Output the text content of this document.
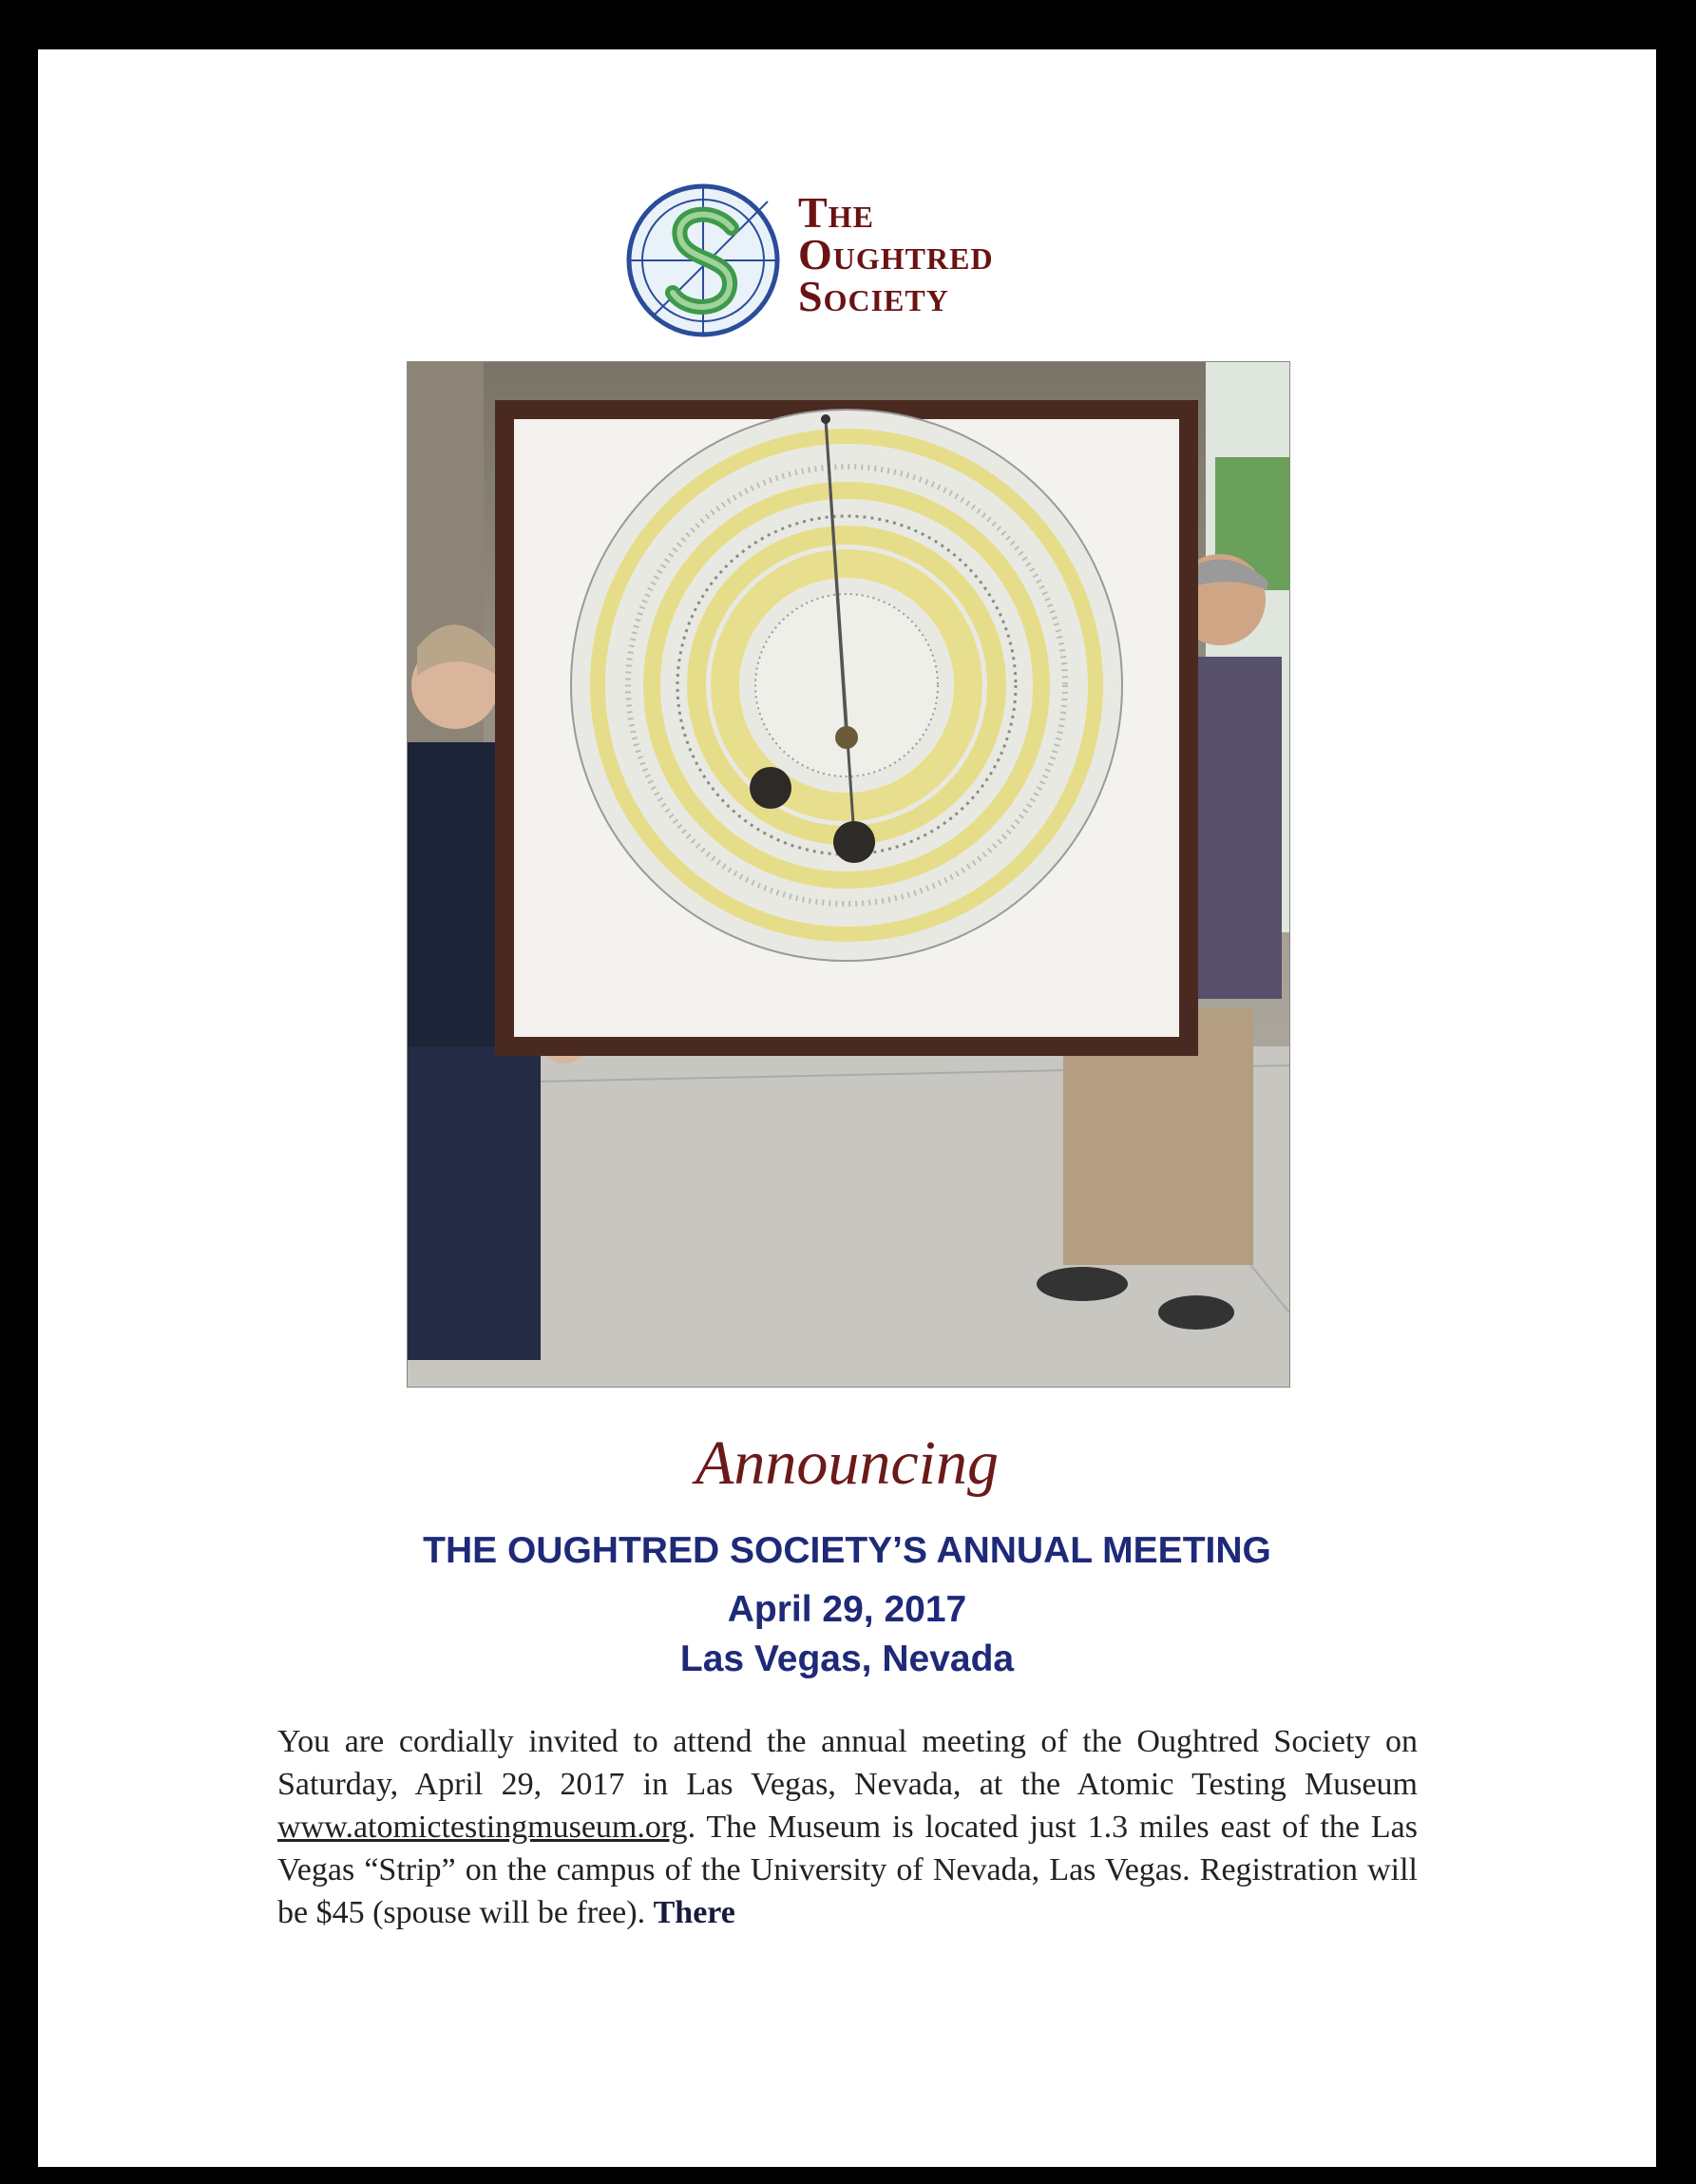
The
Oughtred
Society
Announcing
THE OUGHTRED SOCIETY’S ANNUAL MEETING
April 29, 2017
Las Vegas, Nevada
You are cordially invited to attend the annual meeting of the Oughtred Society on Saturday, April 29, 2017 in Las Vegas, Nevada, at the Atomic Testing Museum www.atomictestingmuseum.org. The Museum is located just 1.3 miles east of the Las Vegas “Strip” on the campus of the University of Nevada, Las Vegas. Registration will be $45 (spouse will be free). There
